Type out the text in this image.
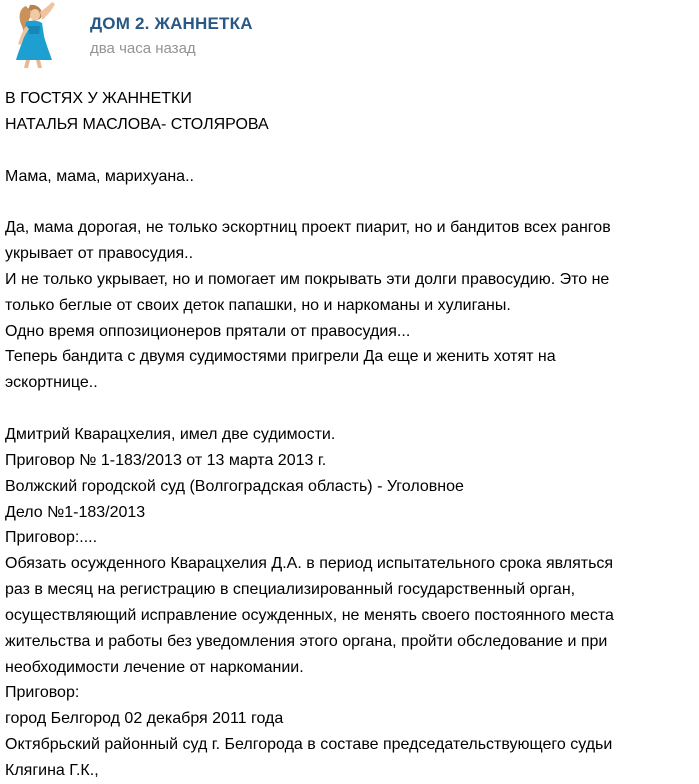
ДОМ 2. ЖАННЕТКА
два часа назад

В ГОСТЯХ У ЖАННЕТКИ

НАТАЛЬЯ МАСЛОВА- СТОЛЯРОВА

Мама, мама, марихуана..

Да, мама дорогая, не только эскортниц проект пиарит, но и бандитов всех рангов

укрывает от правосудия..

И не только укрывает, но и помогает им покрывать эти долги правосудию. Это не

только беглые от своих деток папашки, но и наркоманы и хулиганы.

Одно время оппозиционеров прятали от правосудия...

Теперь бандита с двумя судимостями пригрели Да еще и женить хотят на

эскортнице..

Дмитрий Кварацхелия, имел две судимости.

Приговор № 1-183/2013 от 13 марта 2013 г.

Волжский городской суд (Волгоградская область) - Уголовное

Дело №1-183/2013

Приговор:....

Обязать осужденного Кварацхелия Д.А. в период испытательного срока являться

раз в месяц на регистрацию в специализированный государственный орган,

осуществляющий исправление осужденных, не менять своего постоянного места

жительства и работы без уведомления этого органа, пройти обследование и при

необходимости лечение от наркомании.

Приговор:

город Белгород 02 декабря 2011 года

Октябрьский районный суд г. Белгорода в составе председательствующего судьи

Клягина Г.К.,
